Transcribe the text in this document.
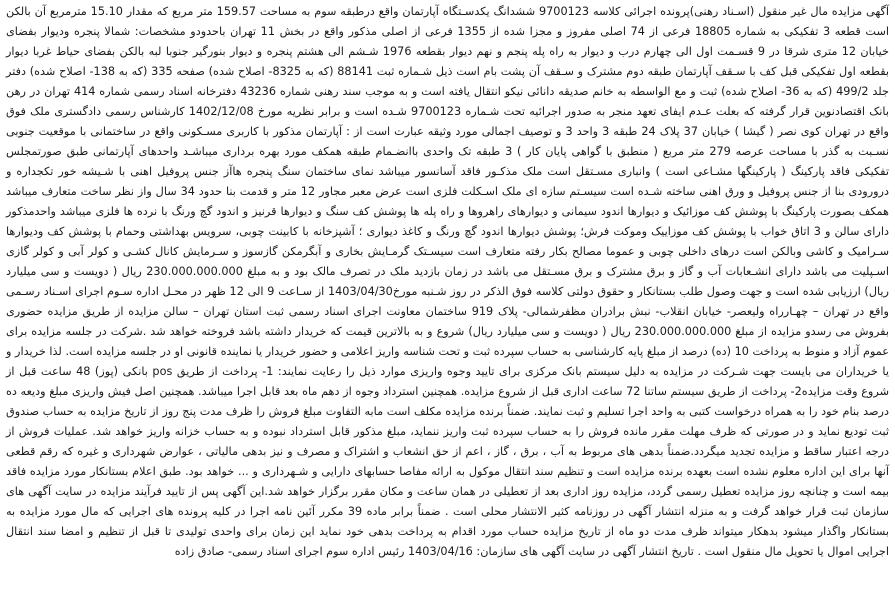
آگهی مزایده مال غیر منقول (اسـناد رهنی)پرونده اجرائی کلاسه 9700123 ششدانگ یکدسـتگاه آپارتمان واقع درطبقه سوم به مساحت 159.57 متر مربع که مقدار 15.10 مترمربع آن بالکن است قطعه 3 تفکیکی به شماره 18805 فرعی از 74 اصلی مفروز و مجزا شده از 1355 فرعی از اصلی مذکور واقع در بخش 11 تهران باحدودو مشخصات: شمالا پنجره وديوار بفضای خيابان 12 متری شرقا در 9 قسـمت اول الی چهارم درب و ديوار به راه پله پنجم و نهم ديوار بقطعه 1976 شـشم الی هشتم پنجره و ديوار بنورگير جنوبا لبه بالکن بفضای حياط غربا ديوار بقطعه اول تفکيکی قبل کف با سـقف آپارتمان طبقه دوم مشترک و سـقف آن پشت بام است ذیل شـماره ثبت 88141 (که به 8325- اصلاح شده) صفحه 335 (که به 138- اصلاح شده) دفتر جلد 499/2 (که به 36- اصلاح شده) ثبت و مع الواسطه به خانم صدیقه دانائی نیکو انتقال یافته است و به موجب سند رهنی شماره 43236 دفترخانه اسناد رسمی شماره 414 تهران در رهن بانک اقتصادنوین قرار گرفته که بعلت عـدم ايفای تعهد منجر به صدور اجرائیه تحت شـماره 9700123 شـده است و برابر نظريه مورخ 1402/12/08 کارشناس رسمی دادگستری ملک فوق واقع در تهران کوی نصر ( گیشا ) خیابان 37 پلاک 24 طبقه 3 واحد 3 و توصیف اجمالی مورد وثیقه عبارت است از : آپارتمان مذکور با کاربری مسـکونی واقع در ساختمانی با موقعیت جنوبی نسـبت به گذر با مساحت عرصه 279 متر مربع ( منطبق با گواهی پایان کار ) 3 طبقه تک واحدی باانضـمام طبقه همکف مورد بهره برداری میباشـد واحدهای آپارتمانی طبق صورتمجلس تفکیکی فاقد پارکینگ ( پارکینگها مشـاعی است ) وانباری مسـتقل است ملک مذکـور فاقد آسانسور میباشد نمای ساختمان سنگ پنجره هاآز جنس پروفیل اهنی با شـیشه خور تکجداره و درورودی بنا از جنس پروفیل و ورق اهنی ساخته شـده است سیسـتم سازه ای ملک اسـکلت فلزی است عرض معبر مجاور 12 متر و قدمت بنا حدود 34 سال واز نظر ساخت متعارف میباشد همکف بصورت پارکینگ با پوشش کف موزائیک و دیوارها اندود سیمانی و دیوارهای راهروها و راه پله ها پوشش کف سنگ و دیوارها قرنیز و اندود گچ ورنگ با نرده ها فلزی میباشد واحدمذکور دارای سالن و 3 اتاق خواب با پوشش کف موزاییک وموکت فرش؛ پوشش دیوارها اندود گچ ورنگ و کاغذ دیواری ؛ آشپزخانه با کابینت چوبی، سرویس بهداشتی وحمام با پوشش کف ودیوارها سـرامیک و کاشی وبالکن است درهای داخلی چوبی و عموما مصالح بکار رفته متعارف است سیسـتک گرمـایش بخاری و آبگرمکن گازسوز و سـرمایش کانال کشـی و کولر آبی و کولر گازی اسـپلیت می باشد دارای انشـعابات آب و گاز و برق مشترک و برق مسـتقل می باشد در زمان بازدید ملک در تصرف مالک بود و به مبلغ 230.000.000.000 ریال ( دویست و سی میلیارد ریال) ارزیابی شده است و جهت وصول طلب بستانکار و حقوق دولتی کلاسه فوق الذکر در روز شـنبه مورخ1403/04/30 از سـاعت 9 الی 12 ظهر در محـل اداره سـوم اجرای اسـناد رسـمی واقع در تهران – چهـارراه ولیعصر- خیابان انقلاب- نبش برادران مظفرشمالی- پلاک 919 ساختمان معاونت اجرای اسناد رسمی ثبت استان تهران – سالن مزایده از طریق مزایده حضوری بفروش می رسدو مزایده از مبلغ 230.000.000.000 ریال ( دویست و سی میلیارد ریال) شروع و به بالاترین قیمت که خریدار داشته باشد فروخته خواهد شد .شرکت در جلسه مزایده برای عموم آزاد و منوط به پرداخت 10 (ده) درصد از مبلغ پایه کارشناسی به حساب سپرده ثبت و تحت شناسه واریز اعلامی و حضور خریدار یا نماینده قانونی او در جلسه مزایده است. لذا خریدار و یا خریداران می بایست جهت شـرکت در مزایده به دلیل سیستم بانک مرکزی برای تایید وجوه واریزی موارد ذیل را رعایت نمایند: 1- پرداخت از طریق pos بانکی (پوز) 48 ساعت قبل از شروع وقت مزایده2- پرداخت از طریق سیستم ساتنا 72 ساعت اداری قبل از شروع مزایده. همچنین استرداد وجوه از دهم ماه بعد قابل اجرا میباشد. همچنین اصل فیش واریزی مبلغ ودیعه ده درصد بنام خود را به همراه درخواست کتبی به واحد اجرا تسلیم و ثبت نمایند. ضمناً برنده مزایده مکلف است مابه التفاوت مبلغ فروش را ظرف مدت پنج روز از تاریخ مزایده به حساب صندوق ثبت تودیع نماید و در صورتی که ظرف مهلت مقرر مانده فروش را به حساب سپرده ثبت واریز ننماید، مبلغ مذکور قابل استرداد نبوده و به حساب خزانه واریز خواهد شد. عملیات فروش از درجه اعتبار ساقط و مزایده تجدید میگردد.ضمناً بدهی های مربوط به آب ، برق ، گاز ، اعم از حق انشعاب و اشتراک و مصرف و نیز بدهی مالیاتی ، عوارض شهرداری و غیره که رقم قطعی آنها برای این اداره معلوم نشده است بعهده برنده مزایده است و تنظیم سند انتقال موکول به ارائه مفاصا حسابهای دارایی و شـهرداری و ... خواهد بود. طبق اعلام بستانکار مورد مزایده فاقد بیمه است و چنانچه روز مزایده تعطیل رسمی گردد، مزایده روز اداری بعد از تعطیلی در همان ساعت و مکان مقرر برگزار خواهد شد.این آگهی پس از تایید فرآیند مزایده در سایت آگهی های سازمان ثبت قرار خواهد گرفت و به منزله انتشار آگهی در روزنامه کثیر الانتشار محلی است . ضمناً برابر ماده 39 مکرر آئین نامه اجرا در کلیه پرونده های اجرایی که مال مورد مزایده به بستانکار واگذار میشود بدهکار میتواند ظرف مدت دو ماه از تاریخ مزایده حساب مورد اقدام به پرداخت بدهی خود نماید این زمان برای واحدی تولیدی تا قبل از تنظیم و امضا سند انتقال اجرایی اموال یا تحویل مال منقول است . تاریخ انتشار آگهی در سایت آگهی های سازمان: 1403/04/16 رئیس اداره سوم اجرای اسناد رسمی- صادق زاده
